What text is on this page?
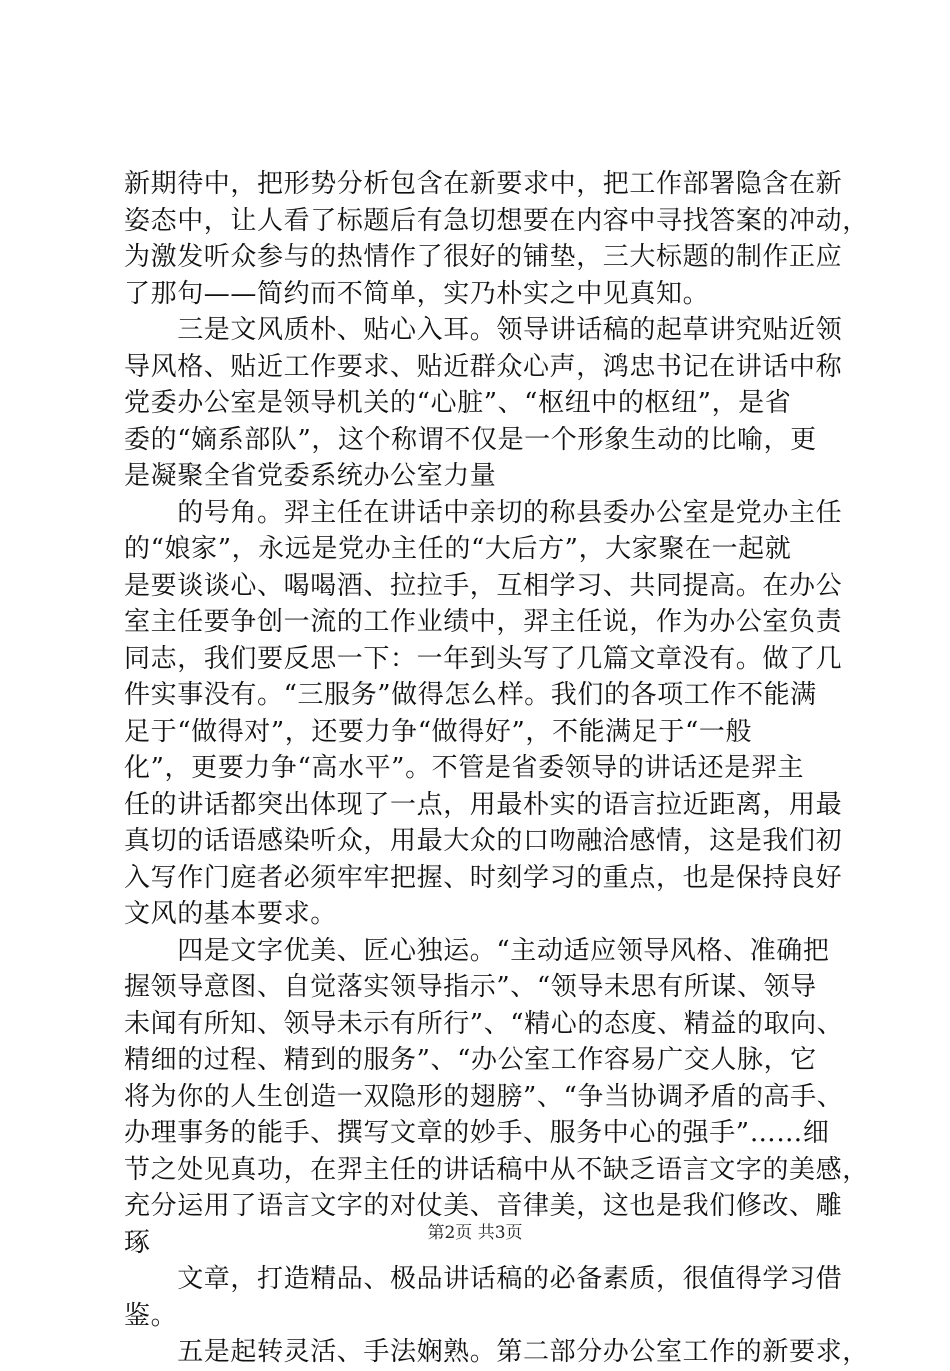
新期待中，把形势分析包含在新要求中，把工作部署隐含在新
姿态中，让人看了标题后有急切想要在内容中寻找答案的冲动，
为激发听众参与的热情作了很好的铺垫，三大标题的制作正应
了那句——简约而不简单，实乃朴实之中见真知。
　　三是文风质朴、贴心入耳。领导讲话稿的起草讲究贴近领
导风格、贴近工作要求、贴近群众心声，鸿忠书记在讲话中称
党委办公室是领导机关的“心脏”、“枢纽中的枢纽”，是省
委的“嫡系部队”，这个称谓不仅是一个形象生动的比喻，更
是凝聚全省党委系统办公室力量
　　的号角。羿主任在讲话中亲切的称县委办公室是党办主任
的“娘家”，永远是党办主任的“大后方”，大家聚在一起就
是要谈谈心、喝喝酒、拉拉手，互相学习、共同提高。在办公
室主任要争创一流的工作业绩中，羿主任说，作为办公室负责
同志，我们要反思一下：一年到头写了几篇文章没有。做了几
件实事没有。“三服务”做得怎么样。我们的各项工作不能满
足于“做得对”，还要力争“做得好”，不能满足于“一般
化”，更要力争“高水平”。不管是省委领导的讲话还是羿主
任的讲话都突出体现了一点，用最朴实的语言拉近距离，用最
真切的话语感染听众，用最大众的口吻融洽感情，这是我们初
入写作门庭者必须牢牢把握、时刻学习的重点，也是保持良好
文风的基本要求。
　　四是文字优美、匠心独运。“主动适应领导风格、准确把
握领导意图、自觉落实领导指示”、“领导未思有所谋、领导
未闻有所知、领导未示有所行”、“精心的态度、精益的取向、
精细的过程、精到的服务”、“办公室工作容易广交人脉，它
将为你的人生创造一双隐形的翅膀”、“争当协调矛盾的高手、
办理事务的能手、撰写文章的妙手、服务中心的强手”……细
节之处见真功，在羿主任的讲话稿中从不缺乏语言文字的美感，
充分运用了语言文字的对仗美、音律美，这也是我们修改、雕
琢
　　文章，打造精品、极品讲话稿的必备素质，很值得学习借
鉴。
　　五是起转灵活、手法娴熟。第二部分办公室工作的新要求，
第2页 共3页
